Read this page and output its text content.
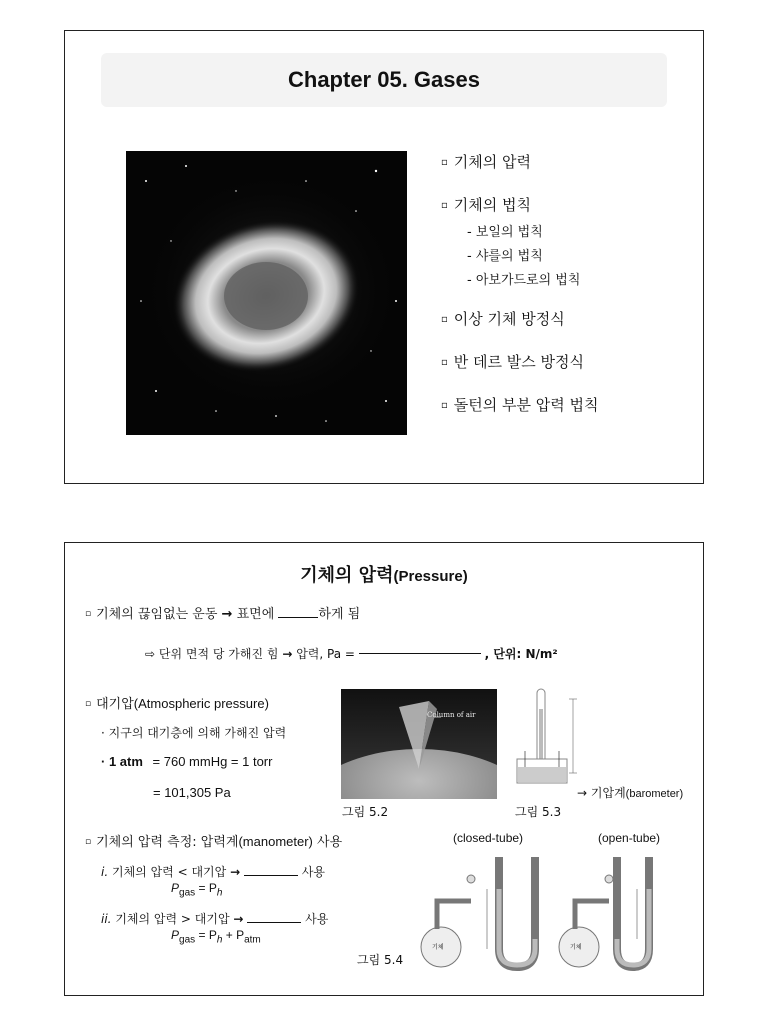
Chapter 05. Gases
▫ 기체의 압력
▫ 기체의 법칙
- 보일의 법칙
- 샤를의 법칙
- 아보가드로의 법칙
▫ 이상 기체 방정식
▫ 반 데르 발스 방정식
▫ 돌턴의 부분 압력 법칙
기체의 압력(Pressure)
▫ 기체의 끊임없는 운동 → 표면에	하게 됨
⇨ 단위 면적 당 가해진 힘 → 압력, Pa =	, 단위: N/m²
▫ 대기압(Atmospheric pressure)
· 지구의 대기층에 의해 가해진 압력
· 1 atm = 760 mmHg = 1 torr
= 101,305 Pa
Column of air
그림 5.2	그림 5.3
→ 기압계(barometer)
▫ 기체의 압력 측정: 압력계(manometer) 사용	(closed-tube)	(open-tube)
i. 기체의 압력 < 대기압 →	사용
$P_{gas} = P_h$
ii. 기체의 압력 > 대기압 →	사용
$P_{gas} = P_h + P_{atm}$
기체	기체
그림 5.4
